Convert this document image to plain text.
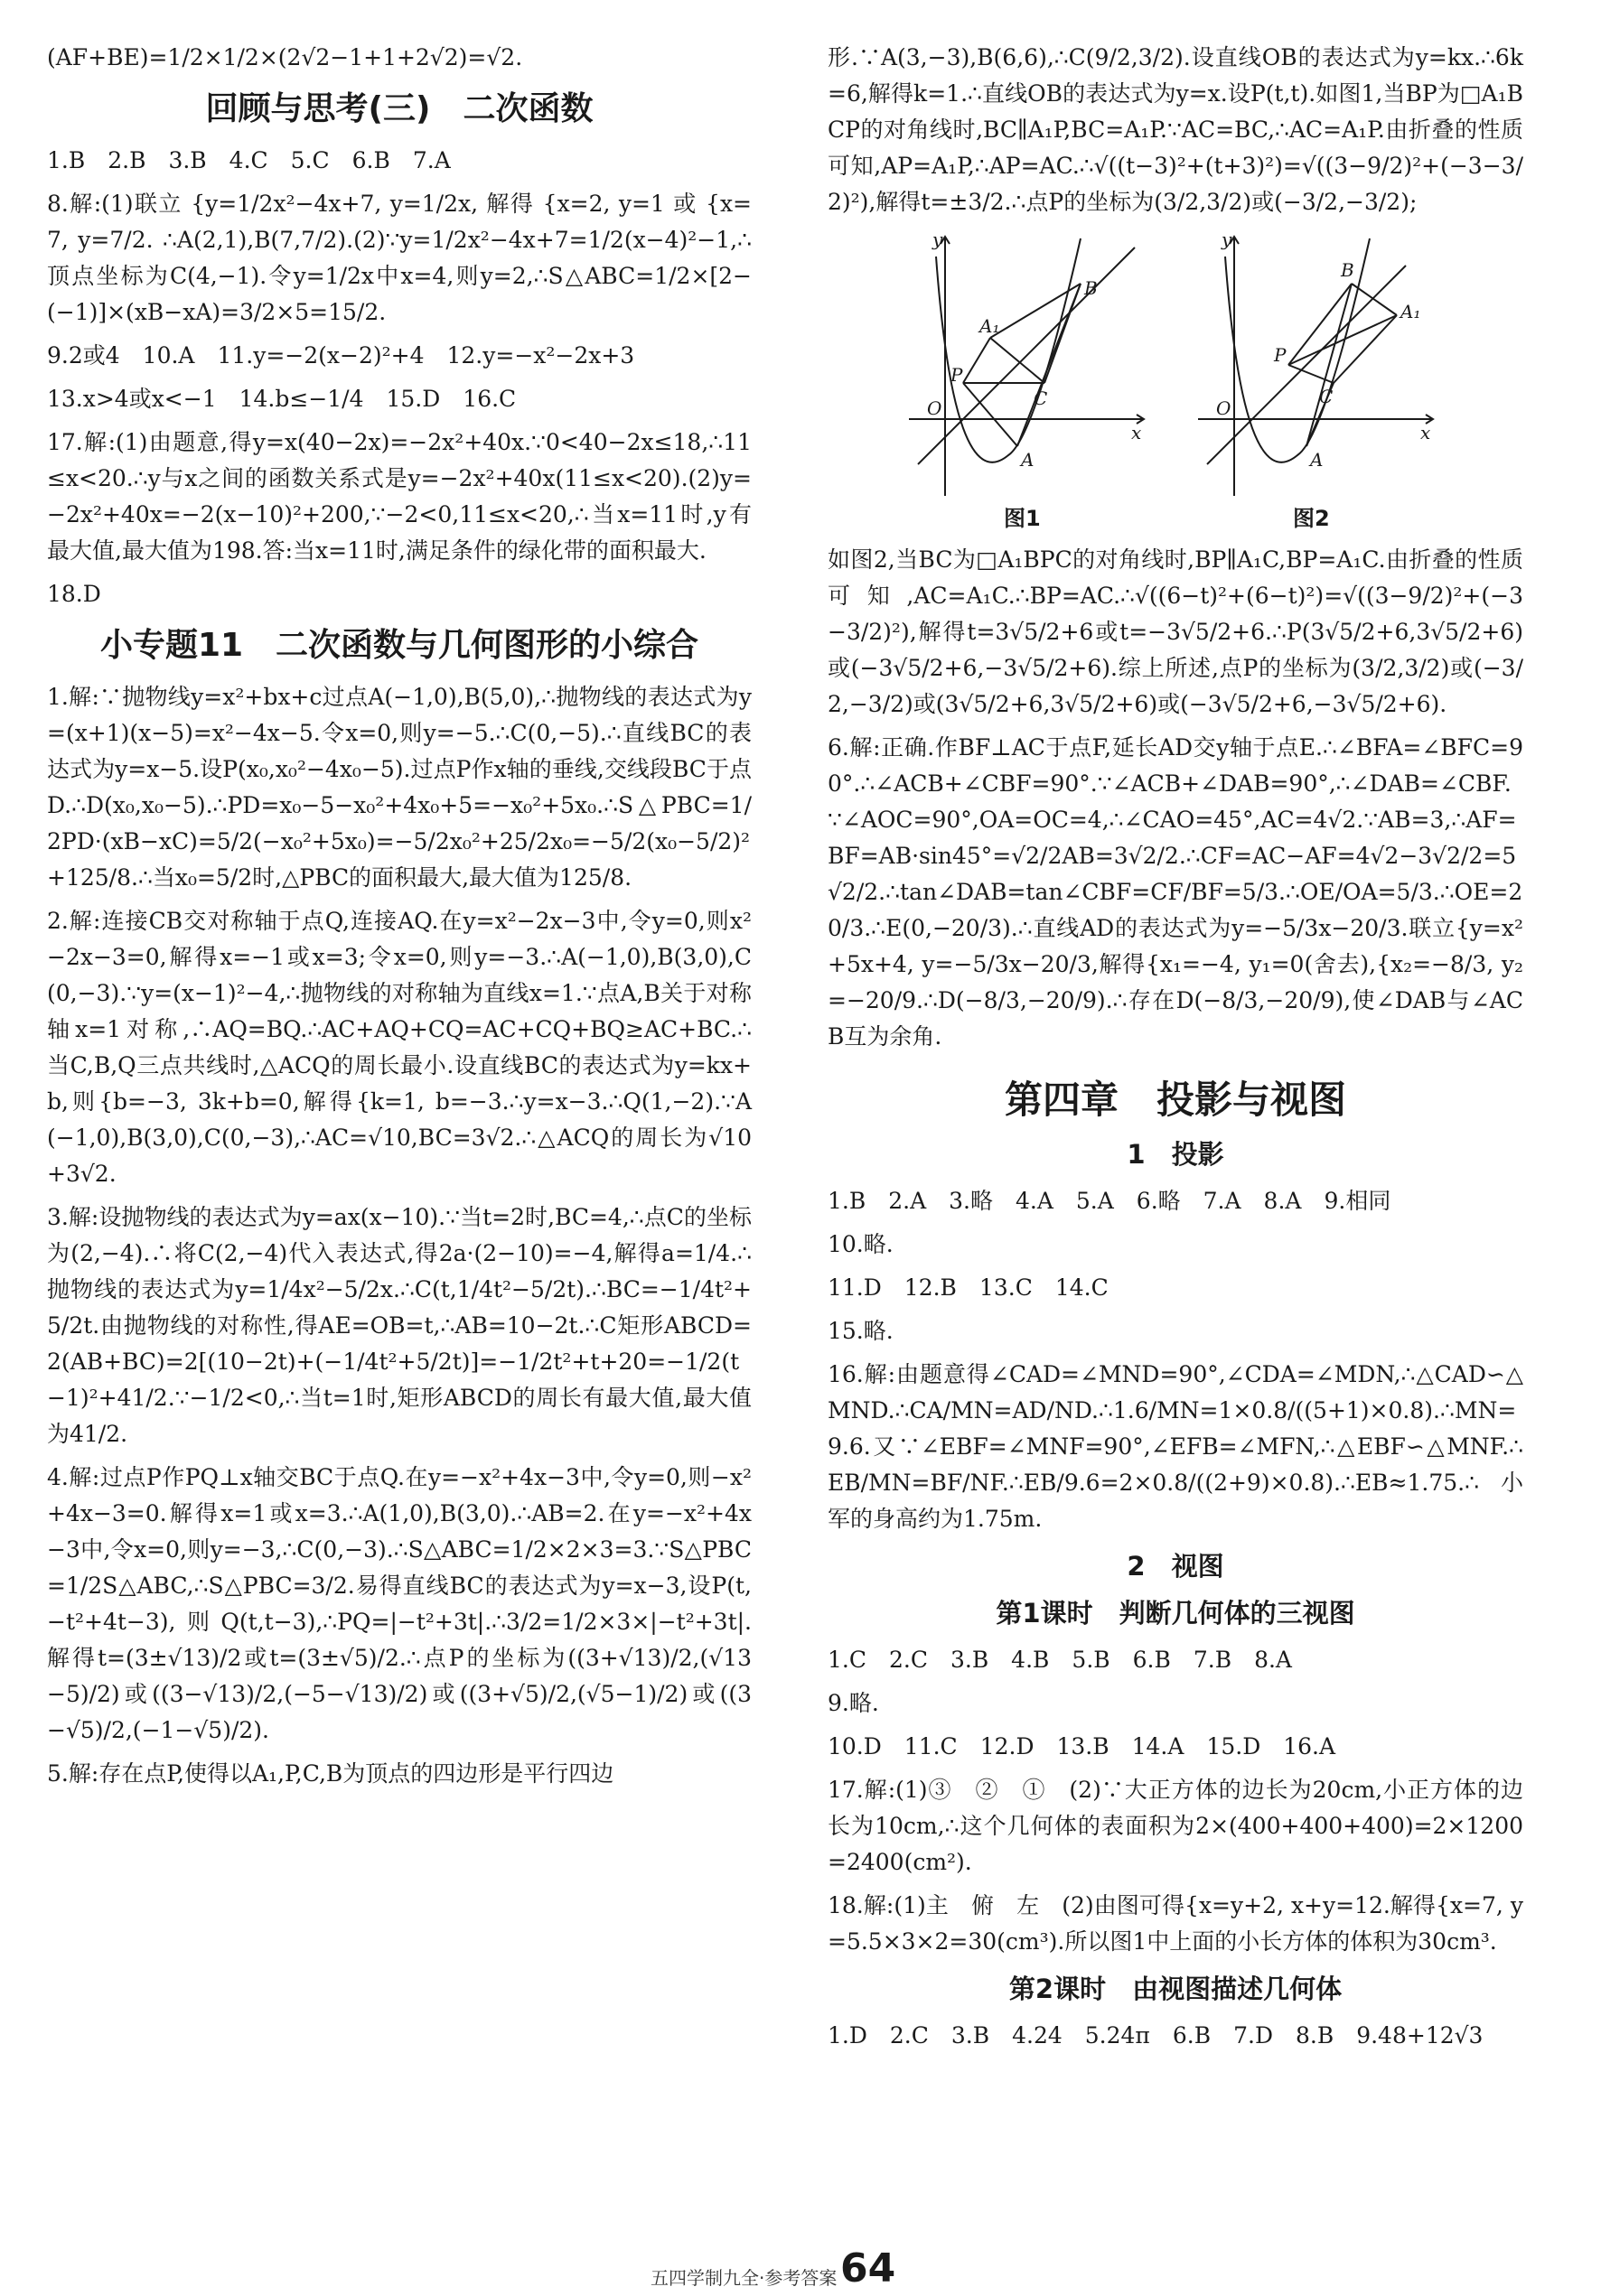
(AF+BE)=1/2×1/2×(2√2−1+1+2√2)=√2.

回顾与思考(三)　二次函数

1.B　2.B　3.B　4.C　5.C　6.B　7.A

8.解:(1)联立 {y=1/2x²−4x+7, y=1/2x, 解得 {x=2, y=1 或 {x=7, y=7/2. ∴A(2,1),B(7,7/2).(2)∵y=1/2x²−4x+7=1/2(x−4)²−1,∴顶点坐标为C(4,−1).令y=1/2x中x=4,则y=2,∴S△ABC=1/2×[2−(−1)]×(xB−xA)=3/2×5=15/2.

9.2或4　10.A　11.y=−2(x−2)²+4　12.y=−x²−2x+3

13.x>4或x<−1　14.b≤−1/4　15.D　16.C

17.解:(1)由题意,得y=x(40−2x)=−2x²+40x.∵0<40−2x≤18,∴11≤x<20.∴y与x之间的函数关系式是y=−2x²+40x(11≤x<20).(2)y=−2x²+40x=−2(x−10)²+200,∵−2<0,11≤x<20,∴当x=11时,y有最大值,最大值为198.答:当x=11时,满足条件的绿化带的面积最大.

18.D

小专题11　二次函数与几何图形的小综合

1.解:∵抛物线y=x²+bx+c过点A(−1,0),B(5,0),∴抛物线的表达式为y=(x+1)(x−5)=x²−4x−5.令x=0,则y=−5.∴C(0,−5).∴直线BC的表达式为y=x−5.设P(x₀,x₀²−4x₀−5).过点P作x轴的垂线,交线段BC于点D.∴D(x₀,x₀−5).∴PD=x₀−5−x₀²+4x₀+5=−x₀²+5x₀.∴S△PBC=1/2PD·(xB−xC)=5/2(−x₀²+5x₀)=−5/2x₀²+25/2x₀=−5/2(x₀−5/2)²+125/8.∴当x₀=5/2时,△PBC的面积最大,最大值为125/8.

2.解:连接CB交对称轴于点Q,连接AQ.在y=x²−2x−3中,令y=0,则x²−2x−3=0,解得x=−1或x=3;令x=0,则y=−3.∴A(−1,0),B(3,0),C(0,−3).∵y=(x−1)²−4,∴抛物线的对称轴为直线x=1.∵点A,B关于对称轴x=1对称,∴AQ=BQ.∴AC+AQ+CQ=AC+CQ+BQ≥AC+BC.∴当C,B,Q三点共线时,△ACQ的周长最小.设直线BC的表达式为y=kx+b,则{b=−3, 3k+b=0,解得{k=1, b=−3.∴y=x−3.∴Q(1,−2).∵A(−1,0),B(3,0),C(0,−3),∴AC=√10,BC=3√2.∴△ACQ的周长为√10+3√2.

3.解:设抛物线的表达式为y=ax(x−10).∵当t=2时,BC=4,∴点C的坐标为(2,−4).∴将C(2,−4)代入表达式,得2a·(2−10)=−4,解得a=1/4.∴抛物线的表达式为y=1/4x²−5/2x.∴C(t,1/4t²−5/2t).∴BC=−1/4t²+5/2t.由抛物线的对称性,得AE=OB=t,∴AB=10−2t.∴C矩形ABCD=2(AB+BC)=2[(10−2t)+(−1/4t²+5/2t)]=−1/2t²+t+20=−1/2(t−1)²+41/2.∵−1/2<0,∴当t=1时,矩形ABCD的周长有最大值,最大值为41/2.

4.解:过点P作PQ⊥x轴交BC于点Q.在y=−x²+4x−3中,令y=0,则−x²+4x−3=0.解得x=1或x=3.∴A(1,0),B(3,0).∴AB=2.在y=−x²+4x−3中,令x=0,则y=−3,∴C(0,−3).∴S△ABC=1/2×2×3=3.∵S△PBC=1/2S△ABC,∴S△PBC=3/2.易得直线BC的表达式为y=x−3,设P(t,−t²+4t−3),则Q(t,t−3),∴PQ=|−t²+3t|.∴3/2=1/2×3×|−t²+3t|.解得t=(3±√13)/2或t=(3±√5)/2.∴点P的坐标为((3+√13)/2,(√13−5)/2)或((3−√13)/2,(−5−√13)/2)或((3+√5)/2,(√5−1)/2)或((3−√5)/2,(−1−√5)/2).

5.解:存在点P,使得以A₁,P,C,B为顶点的四边形是平行四边

形.∵A(3,−3),B(6,6),∴C(9/2,3/2).设直线OB的表达式为y=kx.∴6k=6,解得k=1.∴直线OB的表达式为y=x.设P(t,t).如图1,当BP为□A₁BCP的对角线时,BC∥A₁P,BC=A₁P.∵AC=BC,∴AC=A₁P.由折叠的性质可知,AP=A₁P,∴AP=AC.∴√((t−3)²+(t+3)²)=√((3−9/2)²+(−3−3/2)²),解得t=±3/2.∴点P的坐标为(3/2,3/2)或(−3/2,−3/2);

y
x
O
A
B
C
P
A₁
图1
y
x
O
A
B
C
P
A₁
图2

如图2,当BC为□A₁BPC的对角线时,BP∥A₁C,BP=A₁C.由折叠的性质可知,AC=A₁C.∴BP=AC.∴√((6−t)²+(6−t)²)=√((3−9/2)²+(−3−3/2)²),解得t=3√5/2+6或t=−3√5/2+6.∴P(3√5/2+6,3√5/2+6)或(−3√5/2+6,−3√5/2+6).综上所述,点P的坐标为(3/2,3/2)或(−3/2,−3/2)或(3√5/2+6,3√5/2+6)或(−3√5/2+6,−3√5/2+6).

6.解:正确.作BF⊥AC于点F,延长AD交y轴于点E.∴∠BFA=∠BFC=90°.∴∠ACB+∠CBF=90°.∵∠ACB+∠DAB=90°,∴∠DAB=∠CBF.∵∠AOC=90°,OA=OC=4,∴∠CAO=45°,AC=4√2.∵AB=3,∴AF=BF=AB·sin45°=√2/2AB=3√2/2.∴CF=AC−AF=4√2−3√2/2=5√2/2.∴tan∠DAB=tan∠CBF=CF/BF=5/3.∴OE/OA=5/3.∴OE=20/3.∴E(0,−20/3).∴直线AD的表达式为y=−5/3x−20/3.联立{y=x²+5x+4, y=−5/3x−20/3,解得{x₁=−4, y₁=0(舍去),{x₂=−8/3, y₂=−20/9.∴D(−8/3,−20/9).∴存在D(−8/3,−20/9),使∠DAB与∠ACB互为余角.

第四章　投影与视图
1　投影

1.B　2.A　3.略　4.A　5.A　6.略　7.A　8.A　9.相同

10.略.

11.D　12.B　13.C　14.C

15.略.

16.解:由题意得∠CAD=∠MND=90°,∠CDA=∠MDN,∴△CAD∽△MND.∴CA/MN=AD/ND.∴1.6/MN=1×0.8/((5+1)×0.8).∴MN=9.6.又∵∠EBF=∠MNF=90°,∠EFB=∠MFN,∴△EBF∽△MNF.∴EB/MN=BF/NF.∴EB/9.6=2×0.8/((2+9)×0.8).∴EB≈1.75.∴小军的身高约为1.75m.

2　视图
第1课时　判断几何体的三视图

1.C　2.C　3.B　4.B　5.B　6.B　7.B　8.A

9.略.

10.D　11.C　12.D　13.B　14.A　15.D　16.A

17.解:(1)③　②　①　(2)∵大正方体的边长为20cm,小正方体的边长为10cm,∴这个几何体的表面积为2×(400+400+400)=2×1200=2400(cm²).

18.解:(1)主　俯　左　(2)由图可得{x=y+2, x+y=12.解得{x=7, y=5.5×3×2=30(cm³).所以图1中上面的小长方体的体积为30cm³.

第2课时　由视图描述几何体

1.D　2.C　3.B　4.24　5.24π　6.B　7.D　8.B　9.48+12√3

五四学制九全·参考答案 64
